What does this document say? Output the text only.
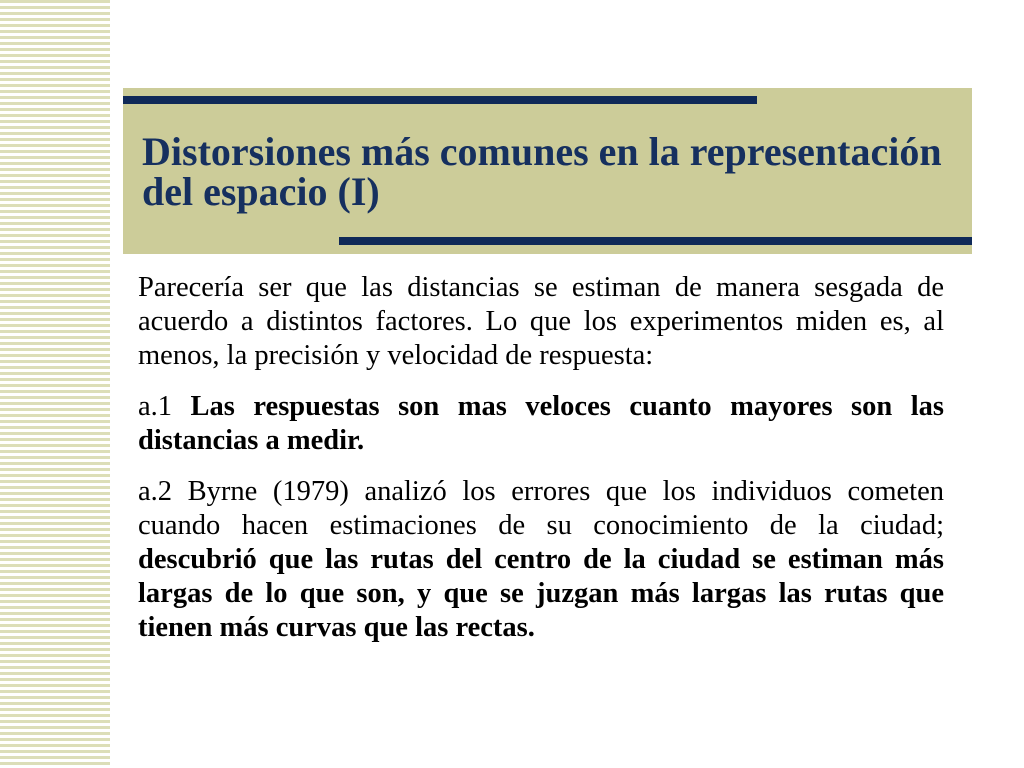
Distorsiones más comunes en la representación del espacio (I)

Parecería ser que las distancias se estiman de manera sesgada de acuerdo a distintos factores. Lo que los experimentos miden es, al menos, la precisión y velocidad de respuesta:

a.1 Las respuestas son mas veloces cuanto mayores son las distancias a medir.

a.2 Byrne (1979) analizó los errores que los individuos cometen cuando hacen estimaciones de su conocimiento de la ciudad; descubrió que las rutas del centro de la ciudad se estiman más largas de lo que son, y que se juzgan más largas las rutas que tienen más curvas que las rectas.
